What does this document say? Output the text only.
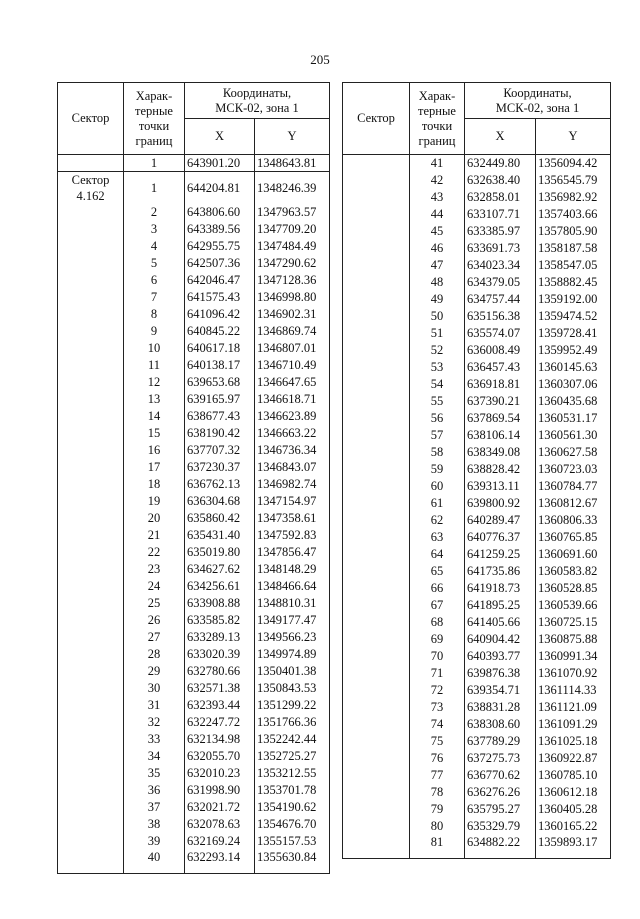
205
Сектор	Харак-
терные
точки
границ	Координаты,
МСК-02, зона 1	
		X	Y
	1	643901.20	1348643.81
Сектор
4.162	1	644204.81	1348246.39
	2	643806.60	1347963.57
	3	643389.56	1347709.20
	4	642955.75	1347484.49
	5	642507.36	1347290.62
	6	642046.47	1347128.36
	7	641575.43	1346998.80
	8	641096.42	1346902.31
	9	640845.22	1346869.74
	10	640617.18	1346807.01
	11	640138.17	1346710.49
	12	639653.68	1346647.65
	13	639165.97	1346618.71
	14	638677.43	1346623.89
	15	638190.42	1346663.22
	16	637707.32	1346736.34
	17	637230.37	1346843.07
	18	636762.13	1346982.74
	19	636304.68	1347154.97
	20	635860.42	1347358.61
	21	635431.40	1347592.83
	22	635019.80	1347856.47
	23	634627.62	1348148.29
	24	634256.61	1348466.64
	25	633908.88	1348810.31
	26	633585.82	1349177.47
	27	633289.13	1349566.23
	28	633020.39	1349974.89
	29	632780.66	1350401.38
	30	632571.38	1350843.53
	31	632393.44	1351299.22
	32	632247.72	1351766.36
	33	632134.98	1352242.44
	34	632055.70	1352725.27
	35	632010.23	1353212.55
	36	631998.90	1353701.78
	37	632021.72	1354190.62
	38	632078.63	1354676.70
	39	632169.24	1355157.53
	40	632293.14	1355630.84
Сектор	Харак-
терные
точки
границ	Координаты,
МСК-02, зона 1	
		X	Y
	41	632449.80	1356094.42
	42	632638.40	1356545.79
	43	632858.01	1356982.92
	44	633107.71	1357403.66
	45	633385.97	1357805.90
	46	633691.73	1358187.58
	47	634023.34	1358547.05
	48	634379.05	1358882.45
	49	634757.44	1359192.00
	50	635156.38	1359474.52
	51	635574.07	1359728.41
	52	636008.49	1359952.49
	53	636457.43	1360145.63
	54	636918.81	1360307.06
	55	637390.21	1360435.68
	56	637869.54	1360531.17
	57	638106.14	1360561.30
	58	638349.08	1360627.58
	59	638828.42	1360723.03
	60	639313.11	1360784.77
	61	639800.92	1360812.67
	62	640289.47	1360806.33
	63	640776.37	1360765.85
	64	641259.25	1360691.60
	65	641735.86	1360583.82
	66	641918.73	1360528.85
	67	641895.25	1360539.66
	68	641405.66	1360725.15
	69	640904.42	1360875.88
	70	640393.77	1360991.34
	71	639876.38	1361070.92
	72	639354.71	1361114.33
	73	638831.28	1361121.09
	74	638308.60	1361091.29
	75	637789.29	1361025.18
	76	637275.73	1360922.87
	77	636770.62	1360785.10
	78	636276.26	1360612.18
	79	635795.27	1360405.28
	80	635329.79	1360165.22
	81	634882.22	1359893.17
